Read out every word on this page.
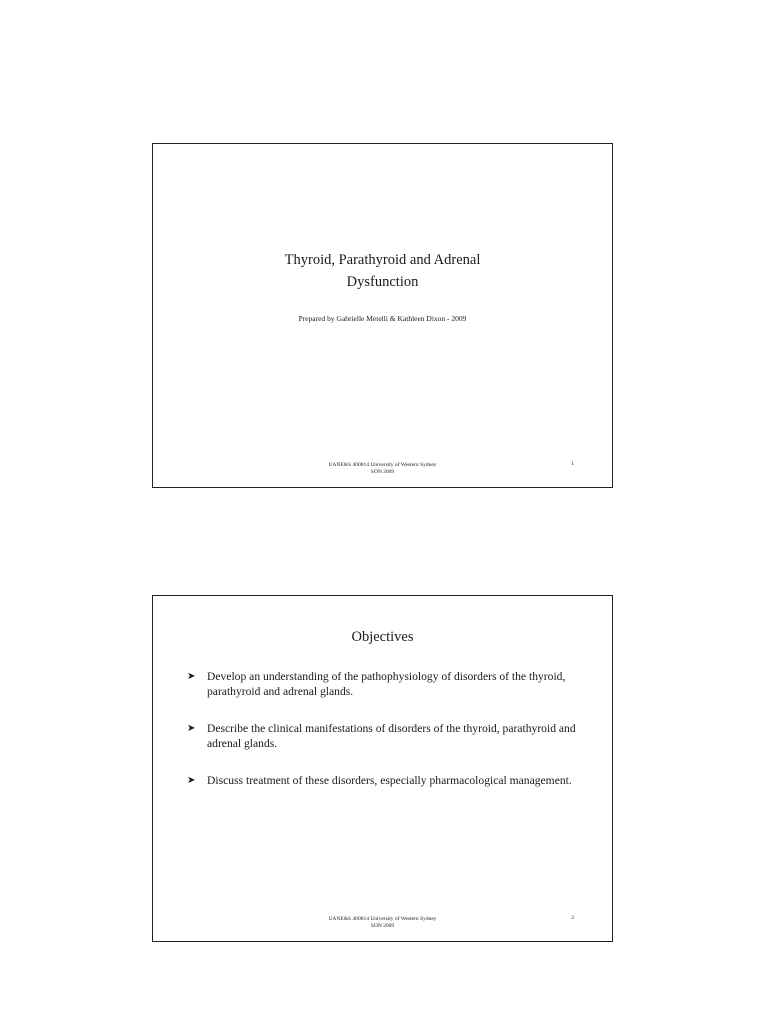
Thyroid, Parathyroid and Adrenal
Dysfunction
Prepared by Gabrielle Metelli & Kathleen Dixon - 2009
UANE&S 400814 University of Western Sydney
SON 2009
1
Objectives
➤ Develop an understanding of the pathophysiology of disorders of the thyroid, parathyroid and adrenal glands.
➤ Describe the clinical manifestations of disorders of the thyroid, parathyroid and adrenal glands.
➤ Discuss treatment of these disorders, especially pharmacological management.
UANE&S 400814 University of Western Sydney
SON 2009
2
